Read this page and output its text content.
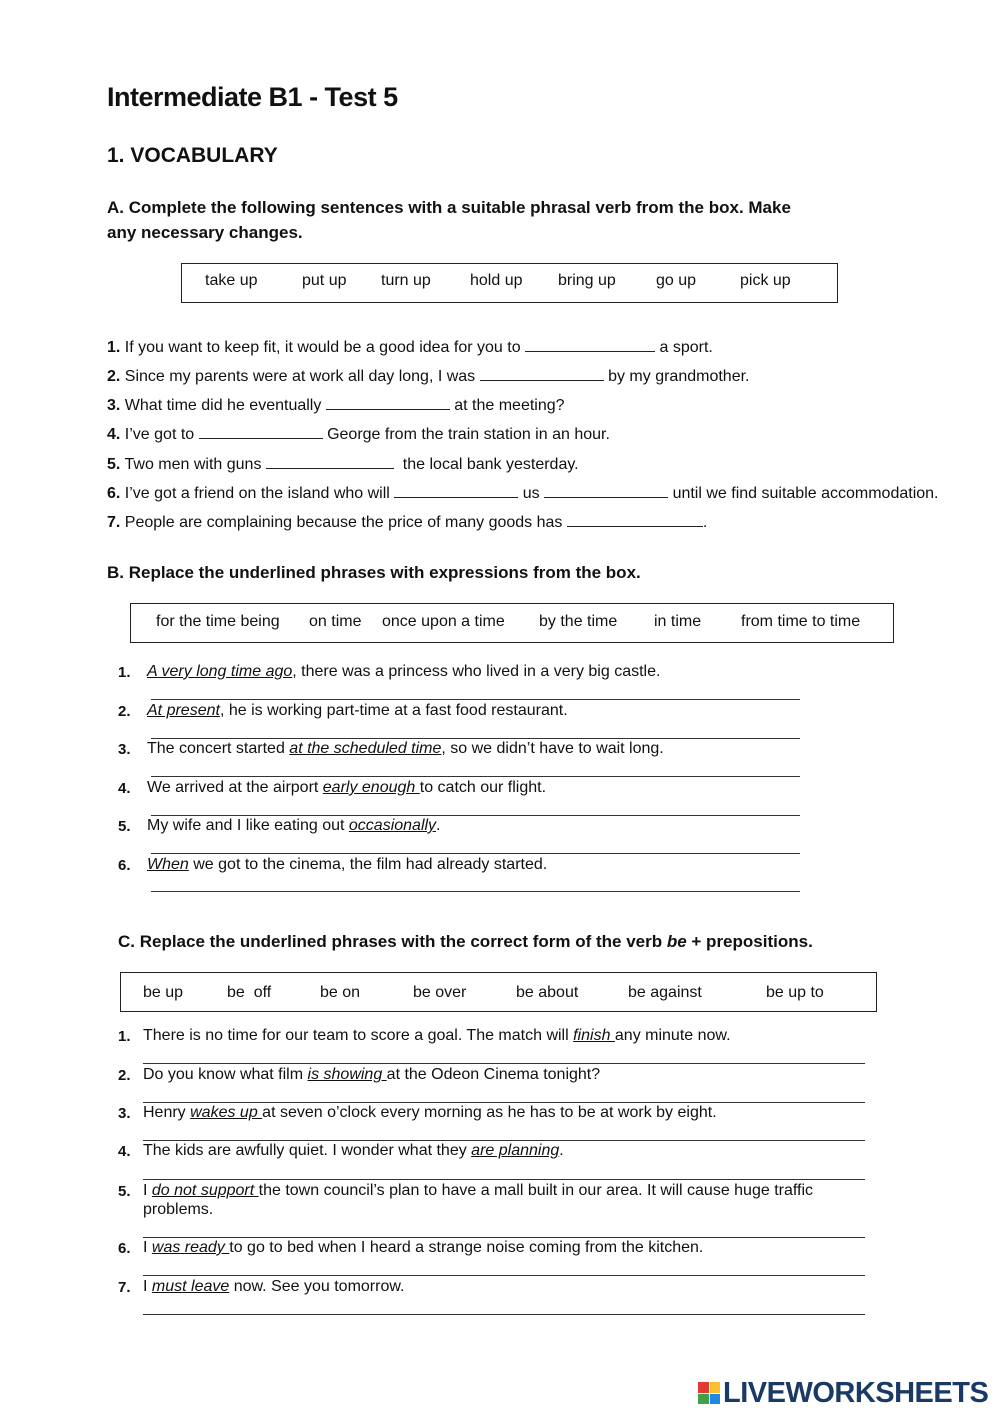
Intermediate B1 - Test 5
1. VOCABULARY
A. Complete the following sentences with a suitable phrasal verb from the box. Make
any necessary changes.
take up	put up turn up hold up bring up	go up	pick up
1. If you want to keep fit, it would be a good idea for you to	a sport.
2. Since my parents were at work all day long, I was	by my grandmother.
3. What time did he eventually	at the meeting?
4. I’ve got to	George from the train station in an hour.
5. Two men with guns	the local bank yesterday.
6. I’ve got a friend on the island who will	us	until we find suitable accommodation.
7. People are complaining because the price of many goods has	.
B. Replace the underlined phrases with expressions from the box.
for the time being on time once upon a time by the time in time from time to time
1. A very long time ago, there was a princess who lived in a very big castle.
2. At present, he is working part-time at a fast food restaurant.
3. The concert started at the scheduled time, so we didn’t have to wait long.
4. We arrived at the airport early enough to catch our flight.
5. My wife and I like eating out occasionally.
6. When we got to the cinema, the film had already started.
C. Replace the underlined phrases with the correct form of the verb be + prepositions.
be up	be  off	be on	be over	be about	be against	be up to
1. There is no time for our team to score a goal. The match will finish any minute now.
2. Do you know what film is showing at the Odeon Cinema tonight?
3. Henry wakes up at seven o’clock every morning as he has to be at work by eight.
4. The kids are awfully quiet. I wonder what they are planning.
5. I do not support the town council’s plan to have a mall built in our area. It will cause huge traffic
problems.
6. I was ready to go to bed when I heard a strange noise coming from the kitchen.
7. I must leave now. See you tomorrow.
LIVEWORKSHEETS
